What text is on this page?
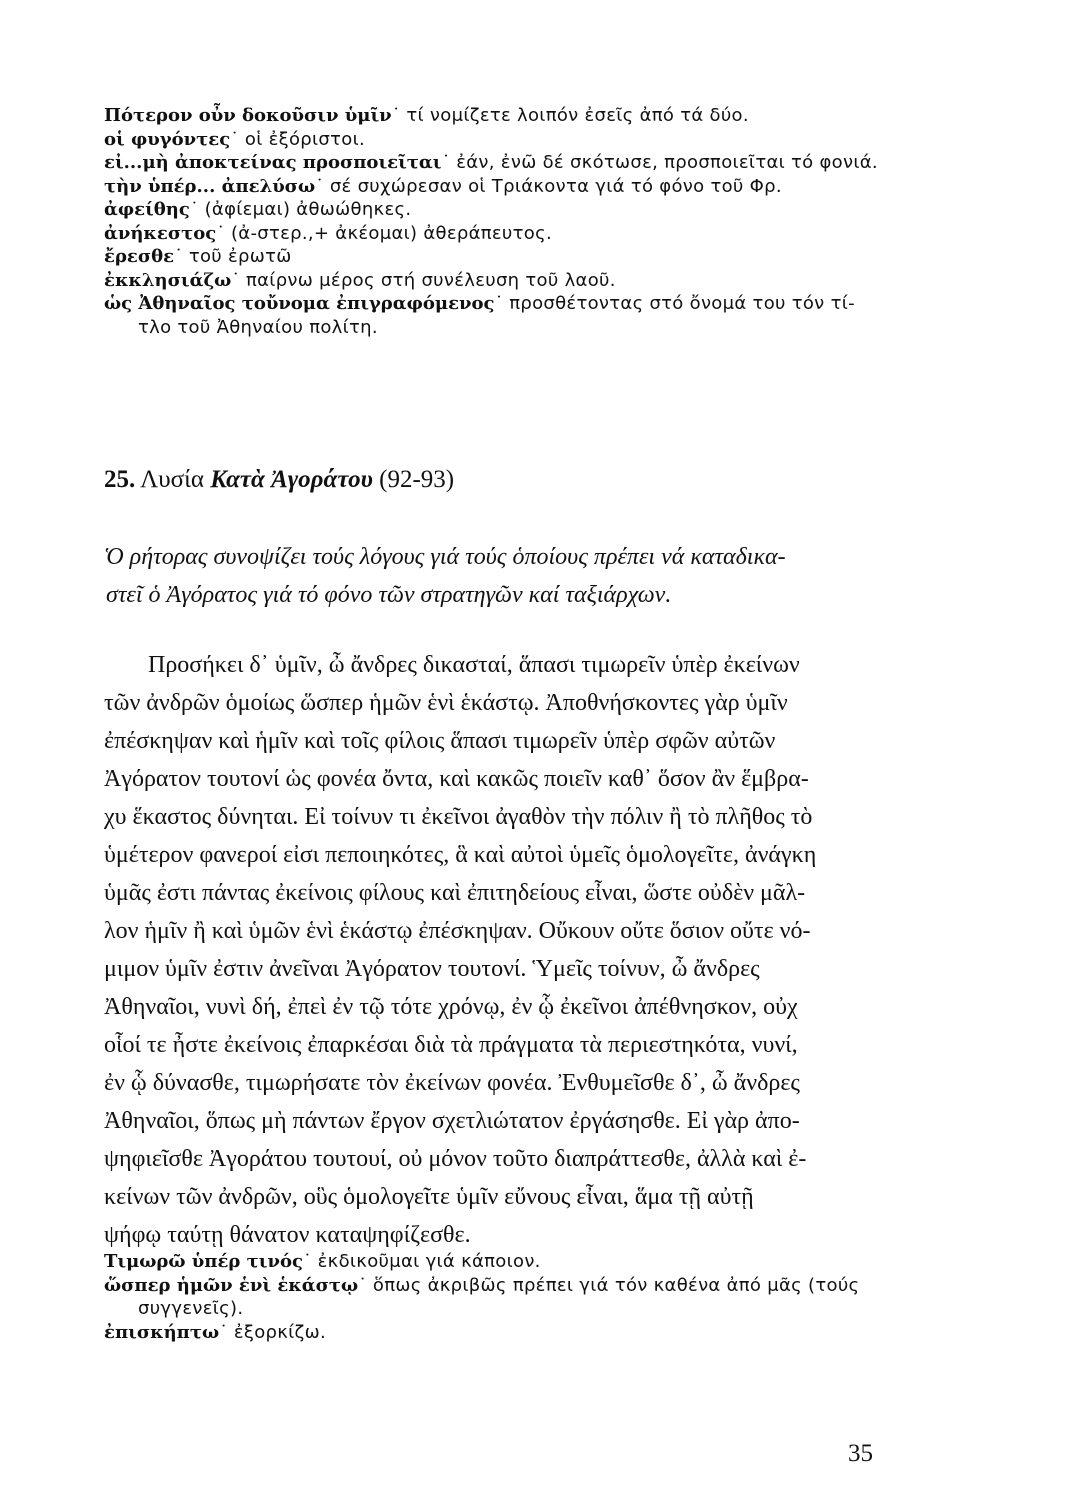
Πότερον οὖν δοκοῦσιν ὑμῖν˙ τί νομίζετε λοιπόν ἐσεῖς ἀπό τά δύο.
οἱ φυγόντες˙ οἱ ἐξόριστοι.
εἰ...μὴ ἀποκτείνας προσποιεῖται˙ ἐάν, ἐνῶ δέ σκότωσε, προσποιεῖται τό φονιά.
τὴν ὑπέρ... ἀπελύσω˙ σέ συχώρεσαν οἱ Τριάκοντα γιά τό φόνο τοῦ Φρ.
ἀφείθης˙ (ἀφίεμαι) ἀθωώθηκες.
ἀνήκεστος˙ (ἀ-στερ.,+ ἀκέομαι) ἀθεράπευτος.
ἔρεσθε˙ τοῦ ἐρωτῶ
ἐκκλησιάζω˙ παίρνω μέρος στή συνέλευση τοῦ λαοῦ.
ὡς Ἀθηναῖος τοὔνομα ἐπιγραφόμενος˙ προσθέτοντας στό ὄνομά του τόν τί-
τλο τοῦ Ἀθηναίου πολίτη.
25. Λυσία Κατὰ Ἀγοράτου (92-93)
Ὁ ρήτορας συνοψίζει τούς λόγους γιά τούς ὁποίους πρέπει νά καταδικα-
στεῖ ὁ Ἀγόρατος γιά τό φόνο τῶν στρατηγῶν καί ταξιάρχων.
Προσήκει δ᾽ ὑμῖν, ὦ ἄνδρες δικασταί, ἅπασι τιμωρεῖν ὑπὲρ ἐκείνων
τῶν ἀνδρῶν ὁμοίως ὥσπερ ἡμῶν ἑνὶ ἑκάστῳ. Ἀποθνήσκοντες γὰρ ὑμῖν
ἐπέσκηψαν καὶ ἡμῖν καὶ τοῖς φίλοις ἅπασι τιμωρεῖν ὑπὲρ σφῶν αὐτῶν
Ἀγόρατον τουτονί ὡς φονέα ὄντα, καὶ κακῶς ποιεῖν καθ᾽ ὅσον ἂν ἕμβρα-
χυ ἕκαστος δύνηται. Εἰ τοίνυν τι ἐκεῖνοι ἀγαθὸν τὴν πόλιν ἢ τὸ πλῆθος τὸ
ὑμέτερον φανεροί εἰσι πεποιηκότες, ἃ καὶ αὐτοὶ ὑμεῖς ὁμολογεῖτε, ἀνάγκη
ὑμᾶς ἐστι πάντας ἐκείνοις φίλους καὶ ἐπιτηδείους εἶναι, ὥστε οὐδὲν μᾶλ-
λον ἡμῖν ἢ καὶ ὑμῶν ἑνὶ ἑκάστῳ ἐπέσκηψαν. Οὔκουν οὔτε ὅσιον οὔτε νό-
μιμον ὑμῖν ἐστιν ἀνεῖναι Ἀγόρατον τουτονί. Ὑμεῖς τοίνυν, ὦ ἄνδρες
Ἀθηναῖοι, νυνὶ δή, ἐπεὶ ἐν τῷ τότε χρόνῳ, ἐν ᾧ ἐκεῖνοι ἀπέθνησκον, οὐχ
οἷοί τε ἦστε ἐκείνοις ἐπαρκέσαι διὰ τὰ πράγματα τὰ περιεστηκότα, νυνί,
ἐν ᾧ δύνασθε, τιμωρήσατε τὸν ἐκείνων φονέα. Ἐνθυμεῖσθε δ᾽, ὦ ἄνδρες
Ἀθηναῖοι, ὅπως μὴ πάντων ἔργον σχετλιώτατον ἐργάσησθε. Εἰ γὰρ ἀπο-
ψηφιεῖσθε Ἀγοράτου τουτουί, οὐ μόνον τοῦτο διαπράττεσθε, ἀλλὰ καὶ ἐ-
κείνων τῶν ἀνδρῶν, οὓς ὁμολογεῖτε ὑμῖν εὔνους εἶναι, ἅμα τῇ αὐτῇ
ψήφῳ ταύτῃ θάνατον καταψηφίζεσθε.
Τιμωρῶ ὑπέρ τινός˙ ἐκδικοῦμαι γιά κάποιον.
ὥσπερ ἡμῶν ἑνὶ ἑκάστῳ˙ ὅπως ἀκριβῶς πρέπει γιά τόν καθένα ἀπό μᾶς (τούς
συγγενεῖς).
ἐπισκήπτω˙ ἐξορκίζω.
35
